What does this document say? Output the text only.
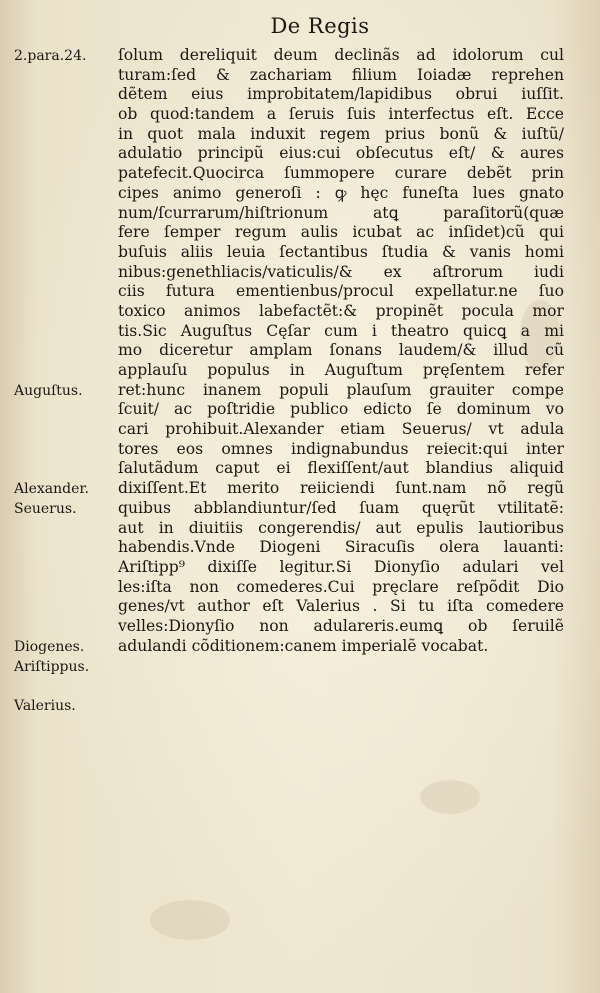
De Regis
2.para.24.
Auguſtus.
Alexander.
Seuerus.
Diogenes.
Ariſtippus.
Valerius.
ſolum dereliquit deum declinãs ad idolorum cul
turam:ſed & zachariam filium Ioiadæ reprehen
dẽtem eius improbitatem/lapidibus obrui iuſſit.
ob quod:tandem a ſeruis ſuis interfectus eſt. Ecce
in quot mala induxit regem prius bonũ & iuſtũ/
adulatio principũ eius:cui obſecutus eſt/ & aures
patefecit.Quocirca ſummopere curare debẽt prin
cipes animo generoſi : ꝙ hęc funeſta lues gnato
num/ſcurrarum/hiſtrionum atꝗ paraſitorũ(quæ
fere ſemper regum aulis icubat ac inſidet)cũ qui
buſuis aliis leuia ſectantibus ſtudia & vanis homi
nibus:genethliacis/vaticulis/& ex aſtrorum iudi
ciis futura ementienbus/procul expellatur.ne ſuo
toxico animos labefactẽt:& propinẽt pocula mor
tis.Sic Auguſtus Cęſar cum i theatro quicꝗ a mi
mo diceretur amplam ſonans laudem/& illud cũ
applauſu populus in Auguſtum pręſentem refer
ret:hunc inanem populi plauſum grauiter compe
ſcuit/ ac poſtridie publico edicto ſe dominum vo
cari prohibuit.Alexander etiam Seuerus/ vt adula
tores eos omnes indignabundus reiecit:qui inter
ſalutãdum caput ei flexiſſent/aut blandius aliquid
dixiſſent.Et merito reiiciendi ſunt.nam nõ regũ
quibus abblandiuntur/ſed ſuam quęrũt vtilitatẽ:
aut in diuitiis congerendis/ aut epulis lautioribus
habendis.Vnde Diogeni Siracuſis olera lauanti:
Ariſtipp⁹ dixiſſe legitur.Si Dionyſio adulari vel
les:iſta non comederes.Cui pręclare reſpõdit Dio
genes/vt author eſt Valerius . Si tu iſta comedere
velles:Dionyſio non adulareris.eumꝗ ob ſeruilẽ
adulandi cõditionem:canem imperialẽ vocabat.
